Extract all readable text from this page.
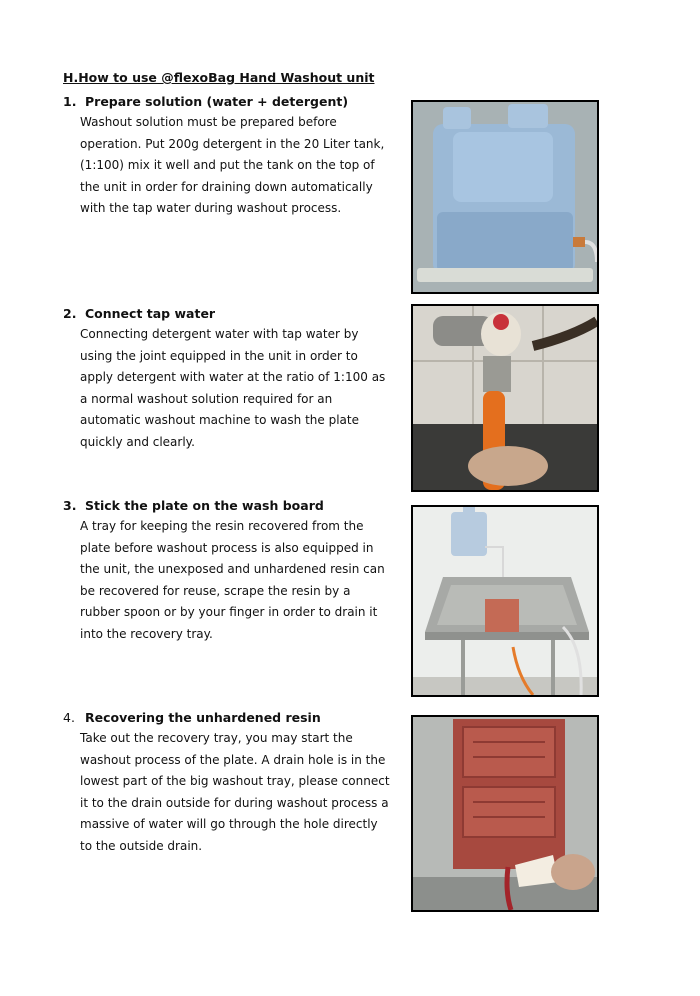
H.How to use @flexoBag Hand Washout unit
1. Prepare solution (water + detergent)
Washout solution must be prepared before
operation. Put 200g detergent in the 20 Liter tank,
(1:100) mix it well and put the tank on the top of
the unit in order for draining down automatically
with the tap water during washout process.
2. Connect tap water
Connecting detergent water with tap water by
using the joint equipped in the unit in order to
apply detergent with water at the ratio of 1:100 as
a normal washout solution required for an
automatic washout machine to wash the plate
quickly and clearly.
3. Stick the plate on the wash board
A tray for keeping the resin recovered from the
plate before washout process is also equipped in
the unit, the unexposed and unhardened resin can
be recovered for reuse, scrape the resin by a
rubber spoon or by your finger in order to drain it
into the recovery tray.
4. Recovering the unhardened resin
Take out the recovery tray, you may start the
washout process of the plate. A drain hole is in the
lowest part of the big washout tray, please connect
it to the drain outside for during washout process a
massive of water will go through the hole directly
to the outside drain.
